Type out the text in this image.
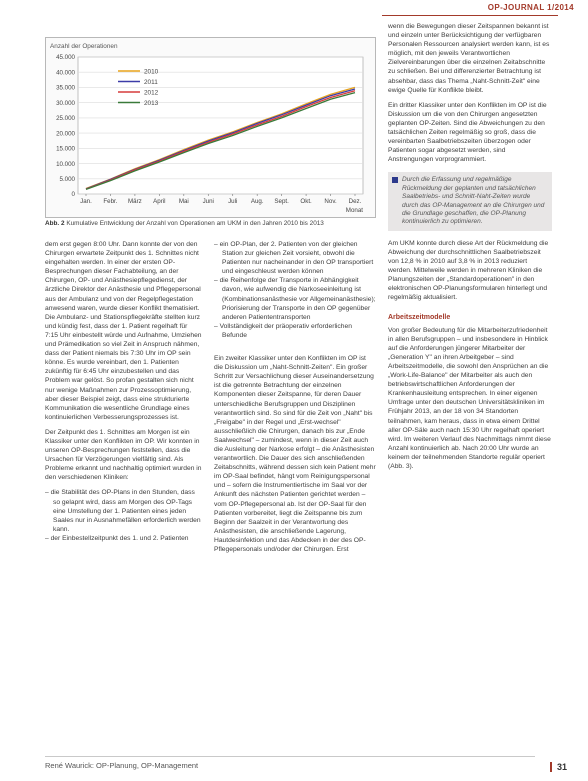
OP-JOURNAL 1/2014
Anzahl der Operationen
0
5.000
10.000
15.000
20.000
25.000
30.000
35.000
40.000
45.000
Jan. Febr. März April Mai Juni Juli Aug. Sept. Okt. Nov. Dez.
Monat
2010
2011
2012
2013
Abb. 2 Kumulative Entwicklung der Anzahl von Operationen am UKM in den Jahren 2010 bis 2013

dem erst gegen 8:00 Uhr. Dann konnte der von den Chirurgen erwartete Zeitpunkt des 1. Schnittes nicht eingehalten werden. In einer der ersten OP-Besprechungen dieser Fachabteilung, an der Chirurgen, OP- und Anästhesiepflegedienst, der ärztliche Direktor der Anästhesie und Pflegepersonal aus der Ambulanz und von der Regelpflegestation anwesend waren, wurde dieser Konflikt thematisiert. Die Ambulanz- und Stationspflegekräfte stellten kurz und kündig fest, dass der 1. Patient regelhaft für 7:15 Uhr einbestellt würde und Aufnahme, Umziehen und Prämedikation so viel Zeit in Anspruch nähmen, dass der Patient niemals bis 7:30 Uhr im OP sein könne. Es wurde vereinbart, den 1. Patienten zukünftig für 6:45 Uhr einzubestellen und das Problem war gelöst. So profan gestalten sich nicht nur wenige Maßnahmen zur Prozessoptimierung, aber dieser Beispiel zeigt, dass eine strukturierte Kommunikation die wesentliche Grundlage eines kontinuierlichen Verbesserungsprozesses ist.

Der Zeitpunkt des 1. Schnittes am Morgen ist ein Klassiker unter den Konflikten im OP. Wir konnten in unseren OP-Besprechungen feststellen, dass die Ursachen für Verzögerungen vielfältig sind. Als Probleme erkannt und nachhaltig optimiert wurden in den verschiedenen Kliniken:

– die Stabilität des OP-Plans in den Stunden, dass so gelapnt wird, dass am Morgen des OP-Tags eine Umstellung der 1. Patienten eines jeden Saales nur in Ausnahmefällen erforderlich werden kann.

– der Einbestellzeitpunkt des 1. und 2. Patienten

– ein OP-Plan, der 2. Patienten von der gleichen Station zur gleichen Zeit vorsieht, obwohl die Patienten nur nacheinander in den OP transportiert und eingeschleust werden können

– die Reihenfolge der Transporte in Abhängigkeit davon, wie aufwendig die Narkoseeinleitung ist (Kombinationsanästhesie vor Allgemeinanästhesie); Priorisierung der Transporte in den OP gegenüber anderen Patiententransporten

– Vollständigkeit der präoperativ erforderlichen Befunde

Ein zweiter Klassiker unter den Konflikten im OP ist die Diskussion um „Naht-Schnitt-Zeiten". Ein großer Schritt zur Versachlichung dieser Auseinandersetzung ist die getrennte Betrachtung der einzelnen Komponenten dieser Zeitspanne, für deren Dauer unterschiedliche Berufsgruppen und Disziplinen verantwortlich sind. So sind für die Zeit von „Naht" bis „Freigabe" in der Regel und „Erst-wechsel" ausschließlich die Chirurgen, danach bis zur „Ende Saalwechsel" – zumindest, wenn in dieser Zeit auch die Ausleitung der Narkose erfolgt – die Anästhesisten verantwortlich. Die Dauer des sich anschließenden Zeitabschnitts, während dessen sich kein Patient mehr im OP-Saal befindet, hängt vom Reinigungspersonal und – sofern die Instrumentiertische im Saal vor der Ankunft des nächsten Patienten gerichtet werden – vom OP-Pflegepersonal ab. Ist der OP-Saal für den Patienten vorbereitet, liegt die Zeitspanne bis zum Beginn der Saalzeit in der Verantwortung des Anästhesisten, die anschließende Lagerung, Hautdesinfektion und das Abdecken in der des OP-Pflegepersonals und/oder der Chirurgen. Erst

wenn die Bewegungen dieser Zeitspannen bekannt ist und einzeln unter Berücksichtigung der verfügbaren Personalen Ressourcen analysiert werden kann, ist es möglich, mit den jeweils Verantwortlichen Zielvereinbarungen über die einzelnen Zeitabschnitte zu schließen. Bei und differenzierter Betrachtung ist absehbar, dass das Thema „Naht-Schnitt-Zeit" eine ewige Quelle für Konflikte bleibt.

Ein dritter Klassiker unter den Konflikten im OP ist die Diskussion um die von den Chirurgen angesetzten geplanten OP-Zeiten. Sind die Abweichungen zu den tatsächlichen Zeiten regelmäßig so groß, dass die vereinbarten Saalbetriebszeiten überzogen oder Patienten sogar abgesetzt werden, sind Anstrengungen vorprogrammiert.

Durch die Erfassung und regelmäßige Rückmeldung der geplanten und tatsächlichen Saalbetriebs- und Schnitt-Naht-Zeiten wurde durch das OP-Management an die Chirurgen und die Grundlage geschaffen, die OP-Planung kontinuierlich zu optimieren.

Am UKM konnte durch diese Art der Rückmeldung die Abweichung der durchschnittlichen Saalbetriebszeit von 12,8 % in 2010 auf 3,8 % in 2013 reduziert werden. Mittelweile werden in mehreren Kliniken die Planungszeiten der „Standardoperationen" in den elektronischen OP-Planungsformularen hinterlegt und regelmäßig aktualisiert.

Arbeitszeitmodelle

Von großer Bedeutung für die Mitarbeiterzufriedenheit in allen Berufsgruppen – und insbesondere in Hinblick auf die Anforderungen jüngerer Mitarbeiter der „Generation Y" an ihren Arbeitgeber – sind Arbeitszeitmodelle, die sowohl den Ansprüchen an die „Work-Life-Balance" der Mitarbeiter als auch den betriebswirtschaftlichen Anforderungen der Krankenhausleitung entsprechen. In einer eigenen Umfrage unter den deutschen Universitätskliniken im Frühjahr 2013, an der 18 von 34 Standorten teilnahmen, kam heraus, dass in etwa einem Drittel aller OP-Säle auch nach 15:30 Uhr regelhaft operiert wird. Im weiteren Verlauf des Nachmittags nimmt diese Anzahl kontinuierlich ab. Nach 20:00 Uhr wurde an keinem der teilnehmenden Standorte regulär operiert (Abb. 3).

René Waurick: OP-Planung, OP-Management	31
